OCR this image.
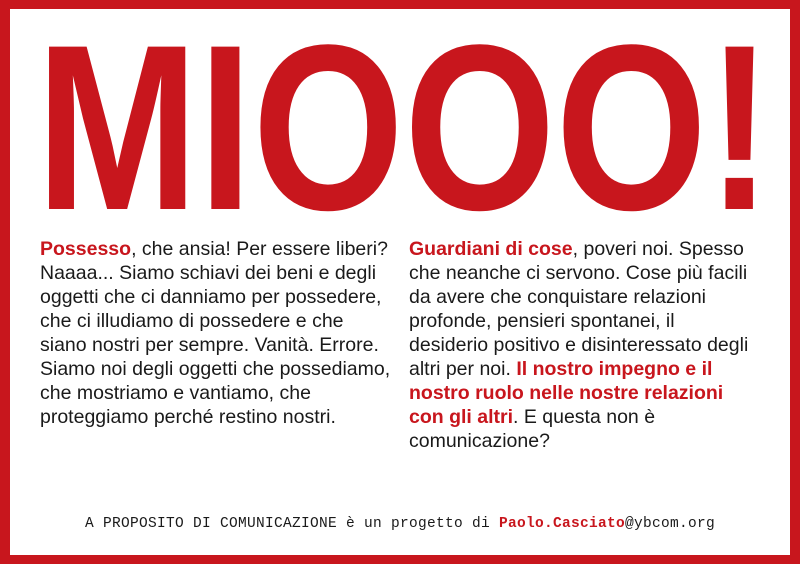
MIOOO!
Possesso, che ansia! Per essere liberi? Naaaa... Siamo schiavi dei beni e degli oggetti che ci danniamo per possedere, che ci illudiamo di possedere e che siano nostri per sempre. Vanità. Errore. Siamo noi degli oggetti che possediamo, che mostriamo e vantiamo, che proteggiamo perché restino nostri.
Guardiani di cose, poveri noi. Spesso che neanche ci servono. Cose più facili da avere che conquistare relazioni profonde, pensieri spontanei, il desiderio positivo e disinteressato degli altri per noi. Il nostro impegno e il nostro ruolo nelle nostre relazioni con gli altri. E questa non è comunicazione?
A PROPOSITO DI COMUNICAZIONE è un progetto di Paolo.Casciato@ybcom.org
